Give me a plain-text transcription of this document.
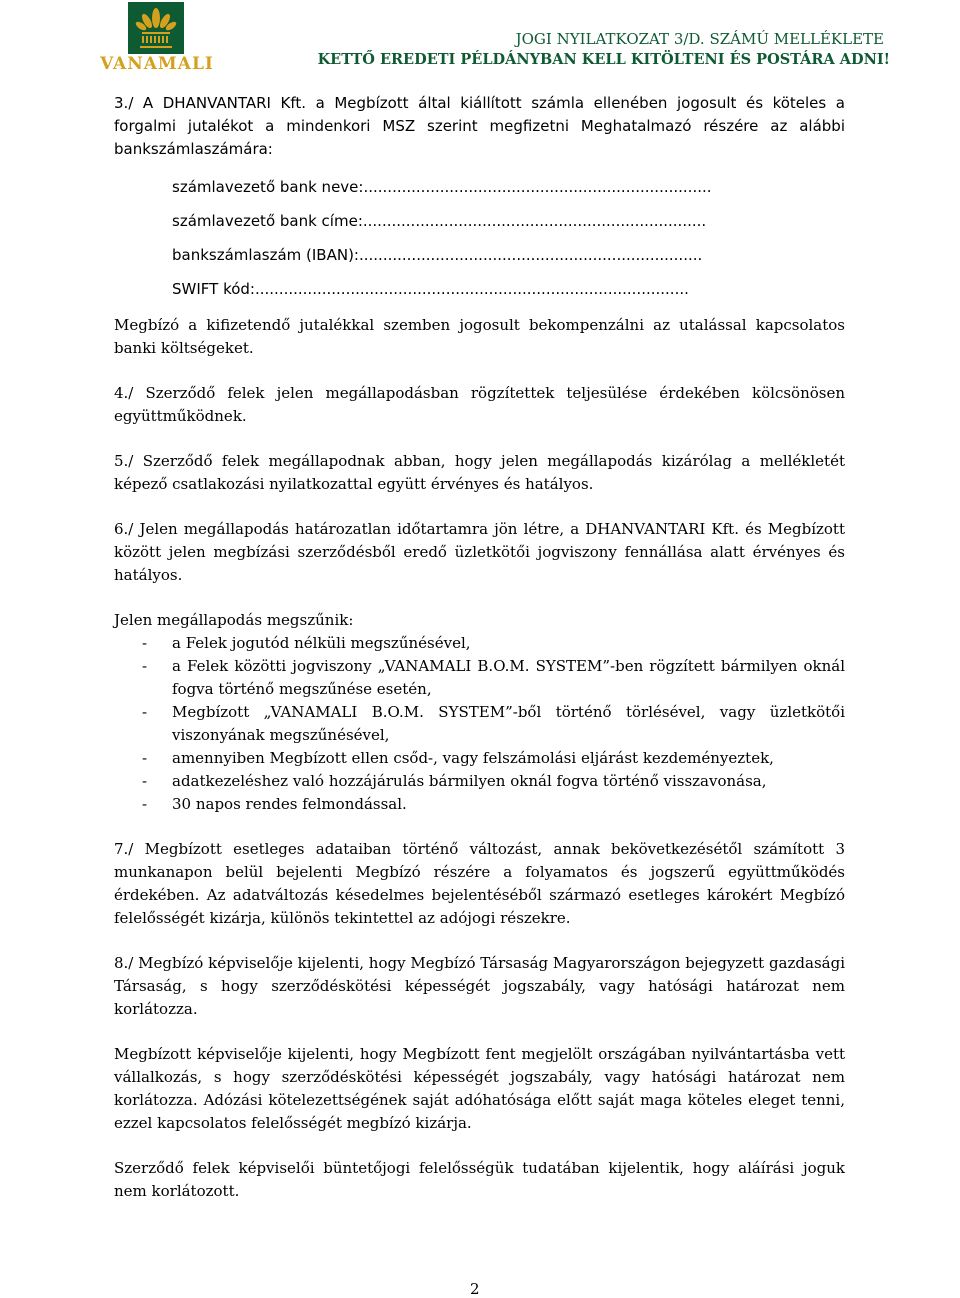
VANAMALI
JOGI NYILATKOZAT 3/D. SZÁMÚ MELLÉKLETE
KETTŐ EREDETI PÉLDÁNYBAN KELL KITÖLTENI ÉS POSTÁRA ADNI!

3./ A DHANVANTARI Kft. a Megbízott által kiállított számla ellenében jogosult és köteles a forgalmi jutalékot a mindenkori MSZ szerint megfizetni Meghatalmazó részére az alábbi bankszámlaszámára:

számlavezető bank neve:.........................................................................
számlavezető bank címe:........................................................................
bankszámlaszám (IBAN):........................................................................
SWIFT kód:...........................................................................................

Megbízó a kifizetendő jutalékkal szemben jogosult bekompenzálni az utalással kapcsolatos banki költségeket.

4./ Szerződő felek jelen megállapodásban rögzítettek teljesülése érdekében kölcsönösen együttműködnek.

5./ Szerződő felek megállapodnak abban, hogy jelen megállapodás kizárólag a mellékletét képező csatlakozási nyilatkozattal együtt érvényes és hatályos.

6./ Jelen megállapodás határozatlan időtartamra jön létre, a DHANVANTARI Kft. és Megbízott között jelen megbízási szerződésből eredő üzletkötői jogviszony fennállása alatt érvényes és hatályos.

Jelen megállapodás megszűnik:

- a Felek jogutód nélküli megszűnésével,
- a Felek közötti jogviszony „VANAMALI B.O.M. SYSTEM”-ben rögzített bármilyen oknál fogva történő megszűnése esetén,
- Megbízott „VANAMALI B.O.M. SYSTEM”-ből történő törlésével, vagy üzletkötői viszonyának megszűnésével,
- amennyiben Megbízott ellen csőd-, vagy felszámolási eljárást kezdeményeztek,
- adatkezeléshez való hozzájárulás bármilyen oknál fogva történő visszavonása,
- 30 napos rendes felmondással.

7./ Megbízott esetleges adataiban történő változást, annak bekövetkezésétől számított 3 munkanapon belül bejelenti Megbízó részére a folyamatos és jogszerű együttműködés érdekében. Az adatváltozás késedelmes bejelentéséből származó esetleges károkért Megbízó felelősségét kizárja, különös tekintettel az adójogi részekre.

8./ Megbízó képviselője kijelenti, hogy Megbízó Társaság Magyarországon bejegyzett gazdasági Társaság, s hogy szerződéskötési képességét jogszabály, vagy hatósági határozat nem korlátozza.

Megbízott képviselője kijelenti, hogy Megbízott fent megjelölt országában nyilvántartásba vett vállalkozás, s hogy szerződéskötési képességét jogszabály, vagy hatósági határozat nem korlátozza. Adózási kötelezettségének saját adóhatósága előtt saját maga köteles eleget tenni, ezzel kapcsolatos felelősségét megbízó kizárja.

Szerződő felek képviselői büntetőjogi felelősségük tudatában kijelentik, hogy aláírási joguk nem korlátozott.

2
